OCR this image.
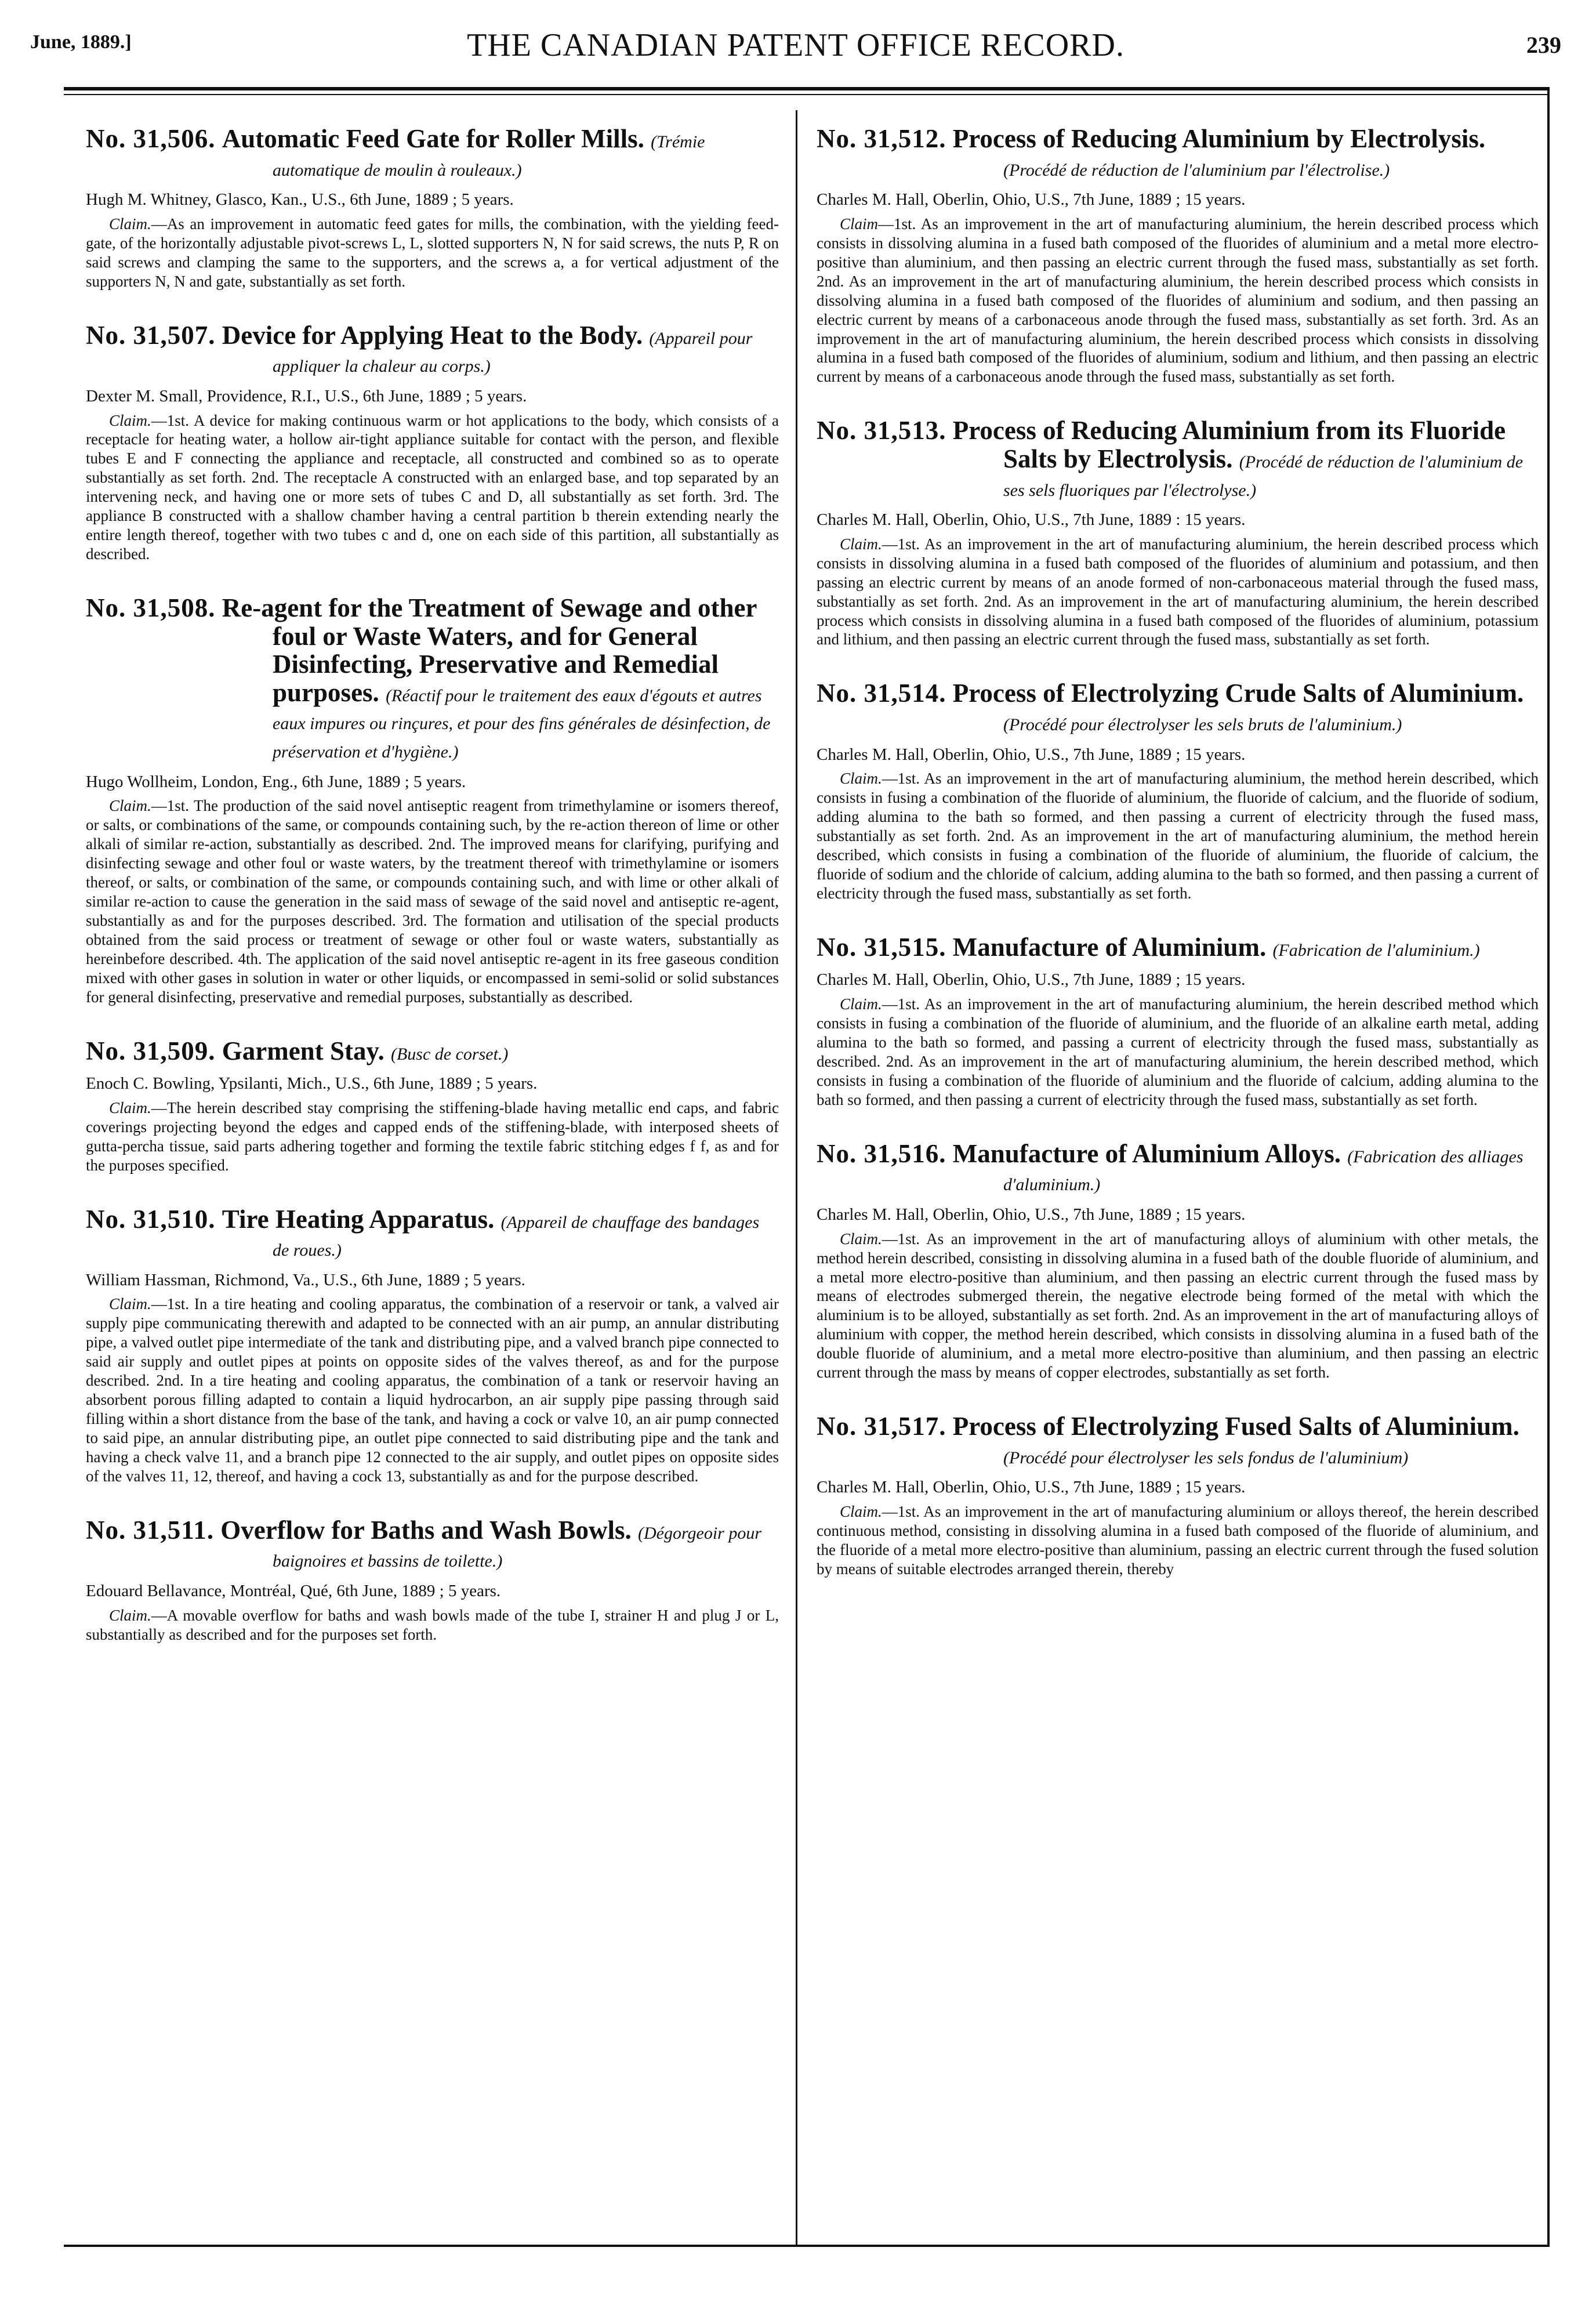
June, 1889.]	THE CANADIAN PATENT OFFICE RECORD.	239

No. 31,506. Automatic Feed Gate for Roller Mills. (Trémie automatique de moulin à rouleaux.)

Hugh M. Whitney, Glasco, Kan., U.S., 6th June, 1889 ; 5 years.

Claim.—As an improvement in automatic feed gates for mills, the combination, with the yielding feed-gate, of the horizontally adjustable pivot-screws L, L, slotted supporters N, N for said screws, the nuts P, R on said screws and clamping the same to the supporters, and the screws a, a for vertical adjustment of the supporters N, N and gate, substantially as set forth.

No. 31,507. Device for Applying Heat to the Body. (Appareil pour appliquer la chaleur au corps.)

Dexter M. Small, Providence, R.I., U.S., 6th June, 1889 ; 5 years.

Claim.—1st. A device for making continuous warm or hot applications to the body, which consists of a receptacle for heating water, a hollow air-tight appliance suitable for contact with the person, and flexible tubes E and F connecting the appliance and receptacle, all constructed and combined so as to operate substantially as set forth. 2nd. The receptacle A constructed with an enlarged base, and top separated by an intervening neck, and having one or more sets of tubes C and D, all substantially as set forth. 3rd. The appliance B constructed with a shallow chamber having a central partition b therein extending nearly the entire length thereof, together with two tubes c and d, one on each side of this partition, all substantially as described.

No. 31,508. Re-agent for the Treatment of Sewage and other foul or Waste Waters, and for General Disinfecting, Preservative and Remedial purposes. (Réactif pour le traitement des eaux d'égouts et autres eaux impures ou rinçures, et pour des fins générales de désinfection, de préservation et d'hygiène.)

Hugo Wollheim, London, Eng., 6th June, 1889 ; 5 years.

Claim.—1st. The production of the said novel antiseptic reagent from trimethylamine or isomers thereof, or salts, or combinations of the same, or compounds containing such, by the re-action thereon of lime or other alkali of similar re-action, substantially as described. 2nd. The improved means for clarifying, purifying and disinfecting sewage and other foul or waste waters, by the treatment thereof with trimethylamine or isomers thereof, or salts, or combination of the same, or compounds containing such, and with lime or other alkali of similar re-action to cause the generation in the said mass of sewage of the said novel and antiseptic re-agent, substantially as and for the purposes described. 3rd. The formation and utilisation of the special products obtained from the said process or treatment of sewage or other foul or waste waters, substantially as hereinbefore described. 4th. The application of the said novel antiseptic re-agent in its free gaseous condition mixed with other gases in solution in water or other liquids, or encompassed in semi-solid or solid substances for general disinfecting, preservative and remedial purposes, substantially as described.

No. 31,509. Garment Stay. (Busc de corset.)

Enoch C. Bowling, Ypsilanti, Mich., U.S., 6th June, 1889 ; 5 years.

Claim.—The herein described stay comprising the stiffening-blade having metallic end caps, and fabric coverings projecting beyond the edges and capped ends of the stiffening-blade, with interposed sheets of gutta-percha tissue, said parts adhering together and forming the textile fabric stitching edges f f, as and for the purposes specified.

No. 31,510. Tire Heating Apparatus. (Appareil de chauffage des bandages de roues.)

William Hassman, Richmond, Va., U.S., 6th June, 1889 ; 5 years.

Claim.—1st. In a tire heating and cooling apparatus, the combination of a reservoir or tank, a valved air supply pipe communicating therewith and adapted to be connected with an air pump, an annular distributing pipe, a valved outlet pipe intermediate of the tank and distributing pipe, and a valved branch pipe connected to said air supply and outlet pipes at points on opposite sides of the valves thereof, as and for the purpose described. 2nd. In a tire heating and cooling apparatus, the combination of a tank or reservoir having an absorbent porous filling adapted to contain a liquid hydrocarbon, an air supply pipe passing through said filling within a short distance from the base of the tank, and having a cock or valve 10, an air pump connected to said pipe, an annular distributing pipe, an outlet pipe connected to said distributing pipe and the tank and having a check valve 11, and a branch pipe 12 connected to the air supply, and outlet pipes on opposite sides of the valves 11, 12, thereof, and having a cock 13, substantially as and for the purpose described.

No. 31,511. Overflow for Baths and Wash Bowls. (Dégorgeoir pour baignoires et bassins de toilette.)

Edouard Bellavance, Montréal, Qué, 6th June, 1889 ; 5 years.

Claim.—A movable overflow for baths and wash bowls made of the tube I, strainer H and plug J or L, substantially as described and for the purposes set forth.

No. 31,512. Process of Reducing Aluminium by Electrolysis. (Procédé de réduction de l'aluminium par l'électrolise.)

Charles M. Hall, Oberlin, Ohio, U.S., 7th June, 1889 ; 15 years.

Claim—1st. As an improvement in the art of manufacturing aluminium, the herein described process which consists in dissolving alumina in a fused bath composed of the fluorides of aluminium and a metal more electro-positive than aluminium, and then passing an electric current through the fused mass, substantially as set forth. 2nd. As an improvement in the art of manufacturing aluminium, the herein described process which consists in dissolving alumina in a fused bath composed of the fluorides of aluminium and sodium, and then passing an electric current by means of a carbonaceous anode through the fused mass, substantially as set forth. 3rd. As an improvement in the art of manufacturing aluminium, the herein described process which consists in dissolving alumina in a fused bath composed of the fluorides of aluminium, sodium and lithium, and then passing an electric current by means of a carbonaceous anode through the fused mass, substantially as set forth.

No. 31,513. Process of Reducing Aluminium from its Fluoride Salts by Electrolysis. (Procédé de réduction de l'aluminium de ses sels fluoriques par l'électrolyse.)

Charles M. Hall, Oberlin, Ohio, U.S., 7th June, 1889 : 15 years.

Claim.—1st. As an improvement in the art of manufacturing aluminium, the herein described process which consists in dissolving alumina in a fused bath composed of the fluorides of aluminium and potassium, and then passing an electric current by means of an anode formed of non-carbonaceous material through the fused mass, substantially as set forth. 2nd. As an improvement in the art of manufacturing aluminium, the herein described process which consists in dissolving alumina in a fused bath composed of the fluorides of aluminium, potassium and lithium, and then passing an electric current through the fused mass, substantially as set forth.

No. 31,514. Process of Electrolyzing Crude Salts of Aluminium. (Procédé pour électrolyser les sels bruts de l'aluminium.)

Charles M. Hall, Oberlin, Ohio, U.S., 7th June, 1889 ; 15 years.

Claim.—1st. As an improvement in the art of manufacturing aluminium, the method herein described, which consists in fusing a combination of the fluoride of aluminium, the fluoride of calcium, and the fluoride of sodium, adding alumina to the bath so formed, and then passing a current of electricity through the fused mass, substantially as set forth. 2nd. As an improvement in the art of manufacturing aluminium, the method herein described, which consists in fusing a combination of the fluoride of aluminium, the fluoride of calcium, the fluoride of sodium and the chloride of calcium, adding alumina to the bath so formed, and then passing a current of electricity through the fused mass, substantially as set forth.

No. 31,515. Manufacture of Aluminium. (Fabrication de l'aluminium.)

Charles M. Hall, Oberlin, Ohio, U.S., 7th June, 1889 ; 15 years.

Claim.—1st. As an improvement in the art of manufacturing aluminium, the herein described method which consists in fusing a combination of the fluoride of aluminium, and the fluoride of an alkaline earth metal, adding alumina to the bath so formed, and passing a current of electricity through the fused mass, substantially as described. 2nd. As an improvement in the art of manufacturing aluminium, the herein described method, which consists in fusing a combination of the fluoride of aluminium and the fluoride of calcium, adding alumina to the bath so formed, and then passing a current of electricity through the fused mass, substantially as set forth.

No. 31,516. Manufacture of Aluminium Alloys. (Fabrication des alliages d'aluminium.)

Charles M. Hall, Oberlin, Ohio, U.S., 7th June, 1889 ; 15 years.

Claim.—1st. As an improvement in the art of manufacturing alloys of aluminium with other metals, the method herein described, consisting in dissolving alumina in a fused bath of the double fluoride of aluminium, and a metal more electro-positive than aluminium, and then passing an electric current through the fused mass by means of electrodes submerged therein, the negative electrode being formed of the metal with which the aluminium is to be alloyed, substantially as set forth. 2nd. As an improvement in the art of manufacturing alloys of aluminium with copper, the method herein described, which consists in dissolving alumina in a fused bath of the double fluoride of aluminium, and a metal more electro-positive than aluminium, and then passing an electric current through the mass by means of copper electrodes, substantially as set forth.

No. 31,517. Process of Electrolyzing Fused Salts of Aluminium. (Procédé pour électrolyser les sels fondus de l'aluminium)

Charles M. Hall, Oberlin, Ohio, U.S., 7th June, 1889 ; 15 years.

Claim.—1st. As an improvement in the art of manufacturing aluminium or alloys thereof, the herein described continuous method, consisting in dissolving alumina in a fused bath composed of the fluoride of aluminium, and the fluoride of a metal more electro-positive than aluminium, passing an electric current through the fused solution by means of suitable electrodes arranged therein, thereby
